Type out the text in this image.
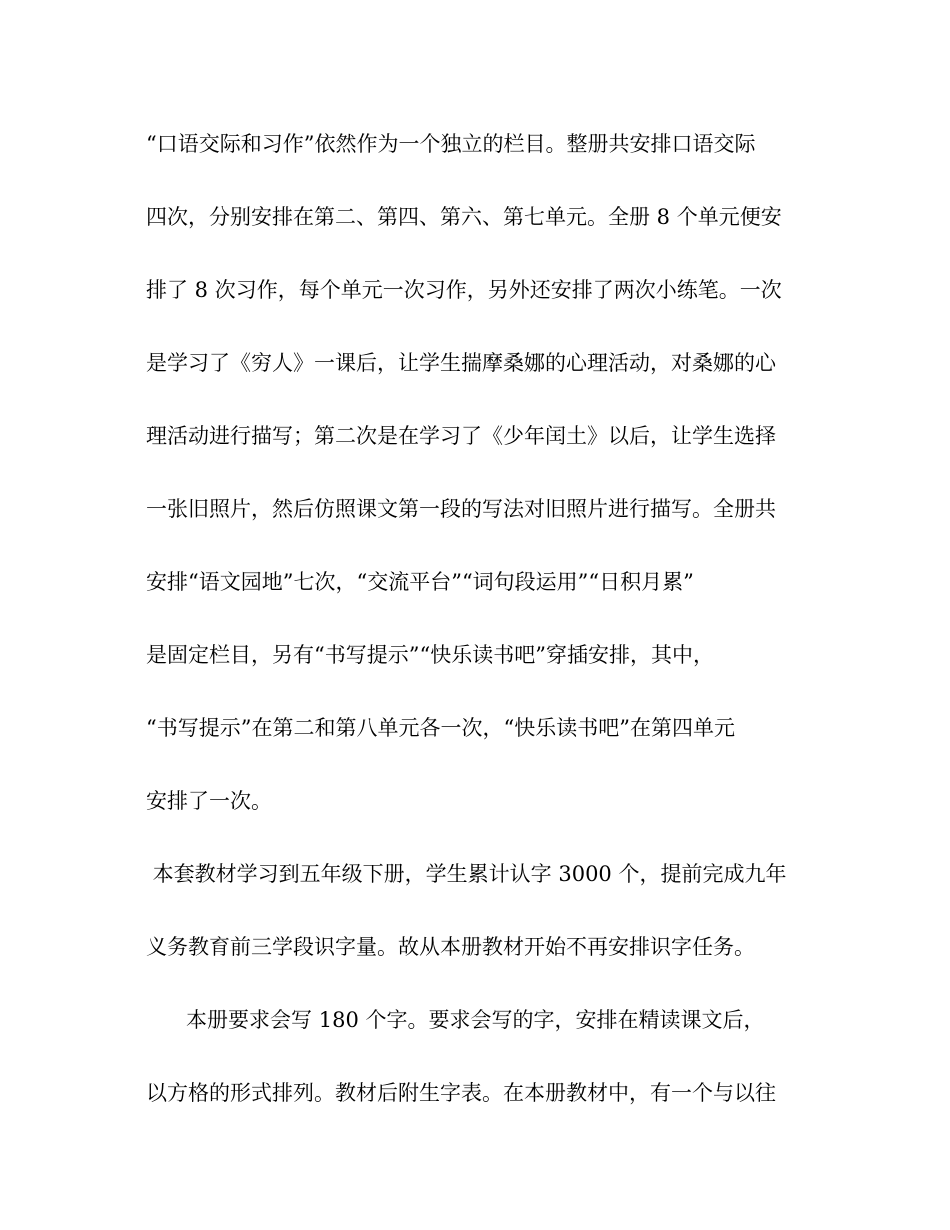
“口语交际和习作”依然作为一个独立的栏目。整册共安排口语交际
四次，分别安排在第二、第四、第六、第七单元。全册 8 个单元便安
排了 8 次习作，每个单元一次习作，另外还安排了两次小练笔。一次
是学习了《穷人》一课后，让学生揣摩桑娜的心理活动，对桑娜的心
理活动进行描写；第二次是在学习了《少年闰土》以后，让学生选择
一张旧照片，然后仿照课文第一段的写法对旧照片进行描写。全册共
安排“语文园地”七次，“交流平台”“词句段运用”“日积月累”
是固定栏目，另有“书写提示”“快乐读书吧”穿插安排，其中，
“书写提示”在第二和第八单元各一次，“快乐读书吧”在第四单元
安排了一次。
本套教材学习到五年级下册，学生累计认字 3000 个，提前完成九年
义务教育前三学段识字量。故从本册教材开始不再安排识字任务。
本册要求会写 180 个字。要求会写的字，安排在精读课文后，
以方格的形式排列。教材后附生字表。在本册教材中，有一个与以往
